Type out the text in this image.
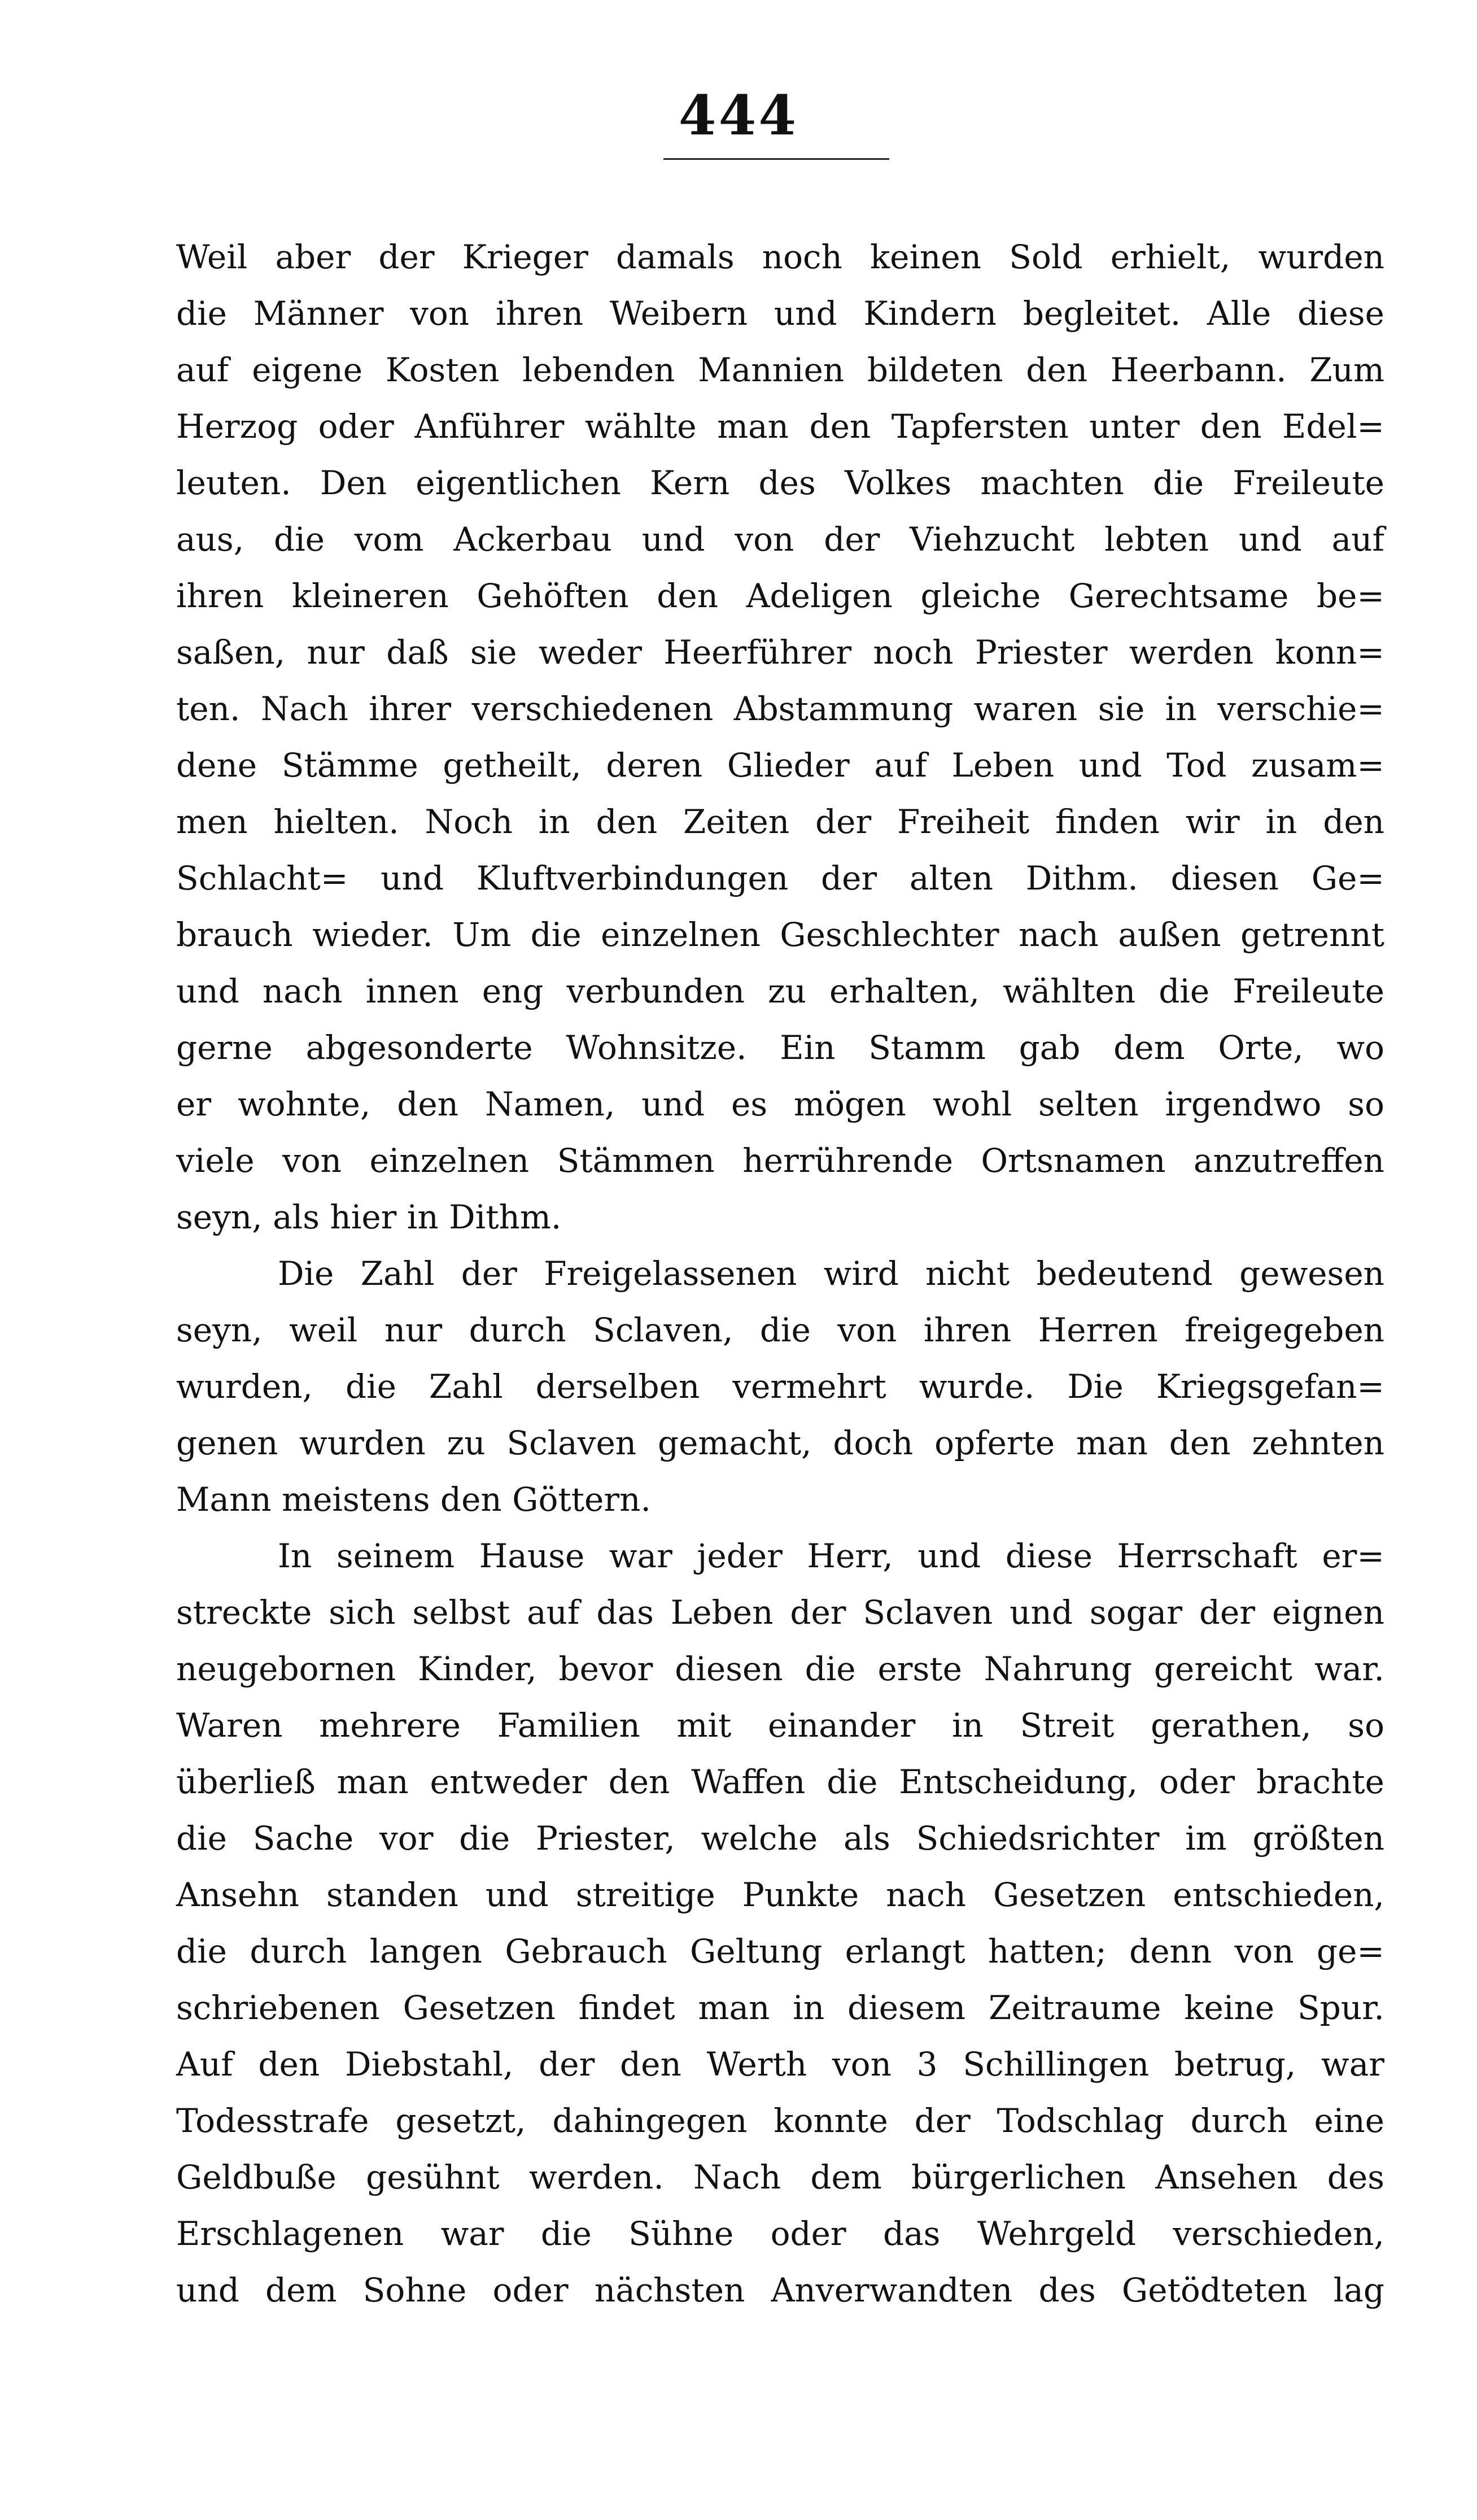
444
Weil aber der Krieger damals noch keinen Sold erhielt, wurden
die Männer von ihren Weibern und Kindern begleitet. Alle diese
auf eigene Kosten lebenden Mannien bildeten den Heerbann. Zum
Herzog oder Anführer wählte man den Tapfersten unter den Edel=
leuten. Den eigentlichen Kern des Volkes machten die Freileute
aus, die vom Ackerbau und von der Viehzucht lebten und auf
ihren kleineren Gehöften den Adeligen gleiche Gerechtsame be=
saßen, nur daß sie weder Heerführer noch Priester werden konn=
ten. Nach ihrer verschiedenen Abstammung waren sie in verschie=
dene Stämme getheilt, deren Glieder auf Leben und Tod zusam=
men hielten. Noch in den Zeiten der Freiheit finden wir in den
Schlacht= und Kluftverbindungen der alten Dithm. diesen Ge=
brauch wieder. Um die einzelnen Geschlechter nach außen getrennt
und nach innen eng verbunden zu erhalten, wählten die Freileute
gerne abgesonderte Wohnsitze. Ein Stamm gab dem Orte, wo
er wohnte, den Namen, und es mögen wohl selten irgendwo so
viele von einzelnen Stämmen herrührende Ortsnamen anzutreffen
seyn, als hier in Dithm.
Die Zahl der Freigelassenen wird nicht bedeutend gewesen
seyn, weil nur durch Sclaven, die von ihren Herren freigegeben
wurden, die Zahl derselben vermehrt wurde. Die Kriegsgefan=
genen wurden zu Sclaven gemacht, doch opferte man den zehnten
Mann meistens den Göttern.
In seinem Hause war jeder Herr, und diese Herrschaft er=
streckte sich selbst auf das Leben der Sclaven und sogar der eignen
neugebornen Kinder, bevor diesen die erste Nahrung gereicht war.
Waren mehrere Familien mit einander in Streit gerathen, so
überließ man entweder den Waffen die Entscheidung, oder brachte
die Sache vor die Priester, welche als Schiedsrichter im größten
Ansehn standen und streitige Punkte nach Gesetzen entschieden,
die durch langen Gebrauch Geltung erlangt hatten; denn von ge=
schriebenen Gesetzen findet man in diesem Zeitraume keine Spur.
Auf den Diebstahl, der den Werth von 3 Schillingen betrug, war
Todesstrafe gesetzt, dahingegen konnte der Todschlag durch eine
Geldbuße gesühnt werden. Nach dem bürgerlichen Ansehen des
Erschlagenen war die Sühne oder das Wehrgeld verschieden,
und dem Sohne oder nächsten Anverwandten des Getödteten lag
